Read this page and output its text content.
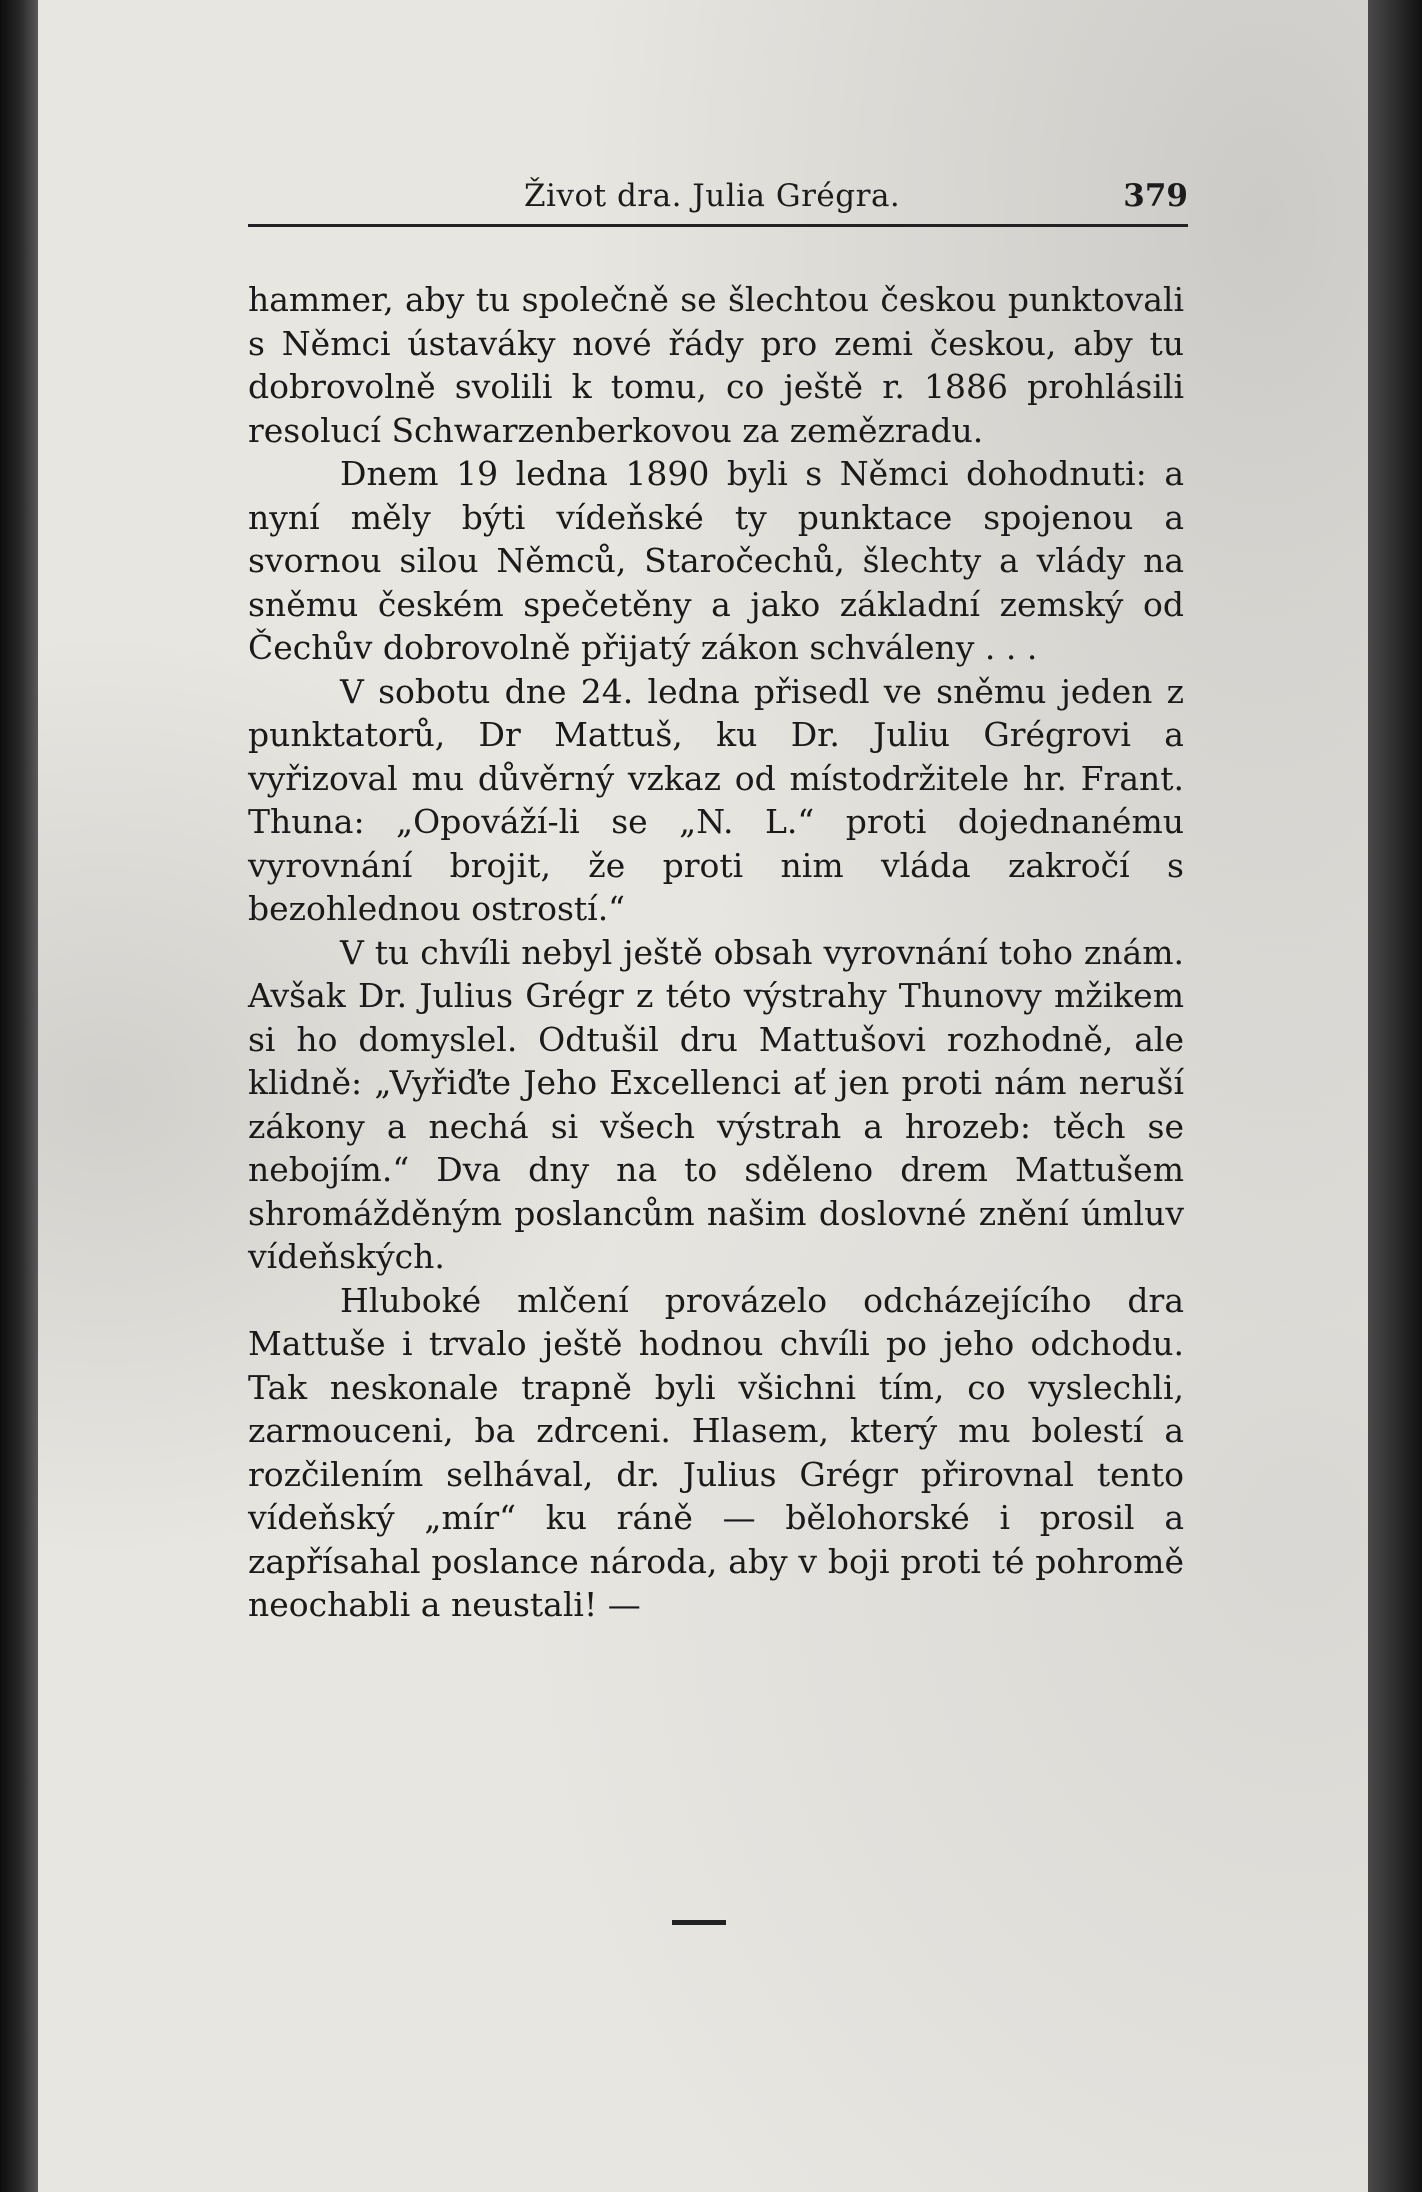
Život dra. Julia Grégra.	379

hammer, aby tu společně se šlechtou českou punktovali s Němci ústaváky nové řády pro zemi českou, aby tu dobrovolně svolili k tomu, co ještě r. 1886 prohlásili resolucí Schwarzenberkovou za zemězradu.

Dnem 19 ledna 1890 byli s Němci dohodnuti: a nyní měly býti vídeňské ty punktace spojenou a svornou silou Němců, Staročechů, šlechty a vlády na sněmu českém spečetěny a jako základní zemský od Čechův dobrovolně přijatý zákon schváleny . . .

V sobotu dne 24. ledna přisedl ve sněmu jeden z punktatorů, Dr Mattuš, ku Dr. Juliu Grégrovi a vyřizoval mu důvěrný vzkaz od místodržitele hr. Frant. Thuna: „Opováží-li se „N. L.“ proti dojednanému vyrovnání brojit, že proti nim vláda zakročí s bezohlednou ostrostí.“

V tu chvíli nebyl ještě obsah vyrovnání toho znám. Avšak Dr. Julius Grégr z této výstrahy Thunovy mžikem si ho domyslel. Odtušil dru Mattušovi rozhodně, ale klidně: „Vyřiďte Jeho Excellenci ať jen proti nám neruší zákony a nechá si všech výstrah a hrozeb: těch se nebojím.“ Dva dny na to sděleno drem Mattušem shromážděným poslancům našim doslovné znění úmluv vídeňských.

Hluboké mlčení provázelo odcházejícího dra Mattuše i trvalo ještě hodnou chvíli po jeho odchodu. Tak neskonale trapně byli všichni tím, co vyslechli, zarmouceni, ba zdrceni. Hlasem, který mu bolestí a rozčilením selhával, dr. Julius Grégr přirovnal tento vídeňský „mír“ ku ráně — bělohorské i prosil a zapřísahal poslance národa, aby v boji proti té pohromě neochabli a neustali! —
